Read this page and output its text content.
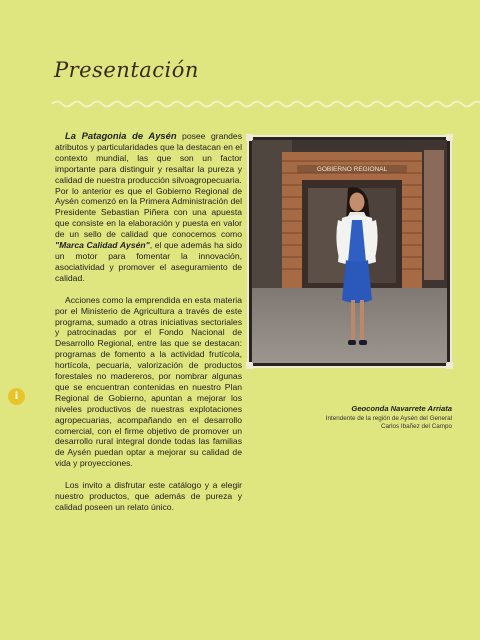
Presentación

La Patagonia de Aysén posee grandes atributos y particularidades que la destacan en el contexto mundial, las que son un factor importante para distinguir y resaltar la pureza y calidad de nuestra producción silvoagropecuaria.

Por lo anterior es que el Gobierno Regional de Aysén comenzó en la Primera Administración del Presidente Sebastian Piñera con una apuesta que consiste en la elaboración y puesta en valor de un sello de calidad que conocemos como "Marca Calidad Aysén", el que además ha sido un motor para fomentar la innovación, asociatividad y promover el aseguramiento de calidad.

Acciones como la emprendida en esta materia por el Ministerio de Agricultura a través de este programa, sumado a otras iniciativas sectoriales y patrocinadas por el Fondo Nacional de Desarrollo Regional, entre las que se destacan: programas de fomento a la actividad frutícola, hortícola, pecuaria, valorización de productos forestales no madereros, por nombrar algunas que se encuentran contenidas en nuestro Plan Regional de Gobierno, apuntan a mejorar los niveles productivos de nuestras explotaciones agropecuarias, acompañando en el desarrollo comercial, con el firme objetivo de promover un desarrollo rural integral donde todas las familias de Aysén puedan optar a mejorar su calidad de vida y proyecciones.

Los invito a disfrutar este catálogo y a elegir nuestro productos, que además de pureza y calidad poseen un relato único.

GOBIERNO REGIONAL
Geoconda Navarrete Arriata
Intendente de la región de Aysén del General
Carlos Ibañez del Campo
i
